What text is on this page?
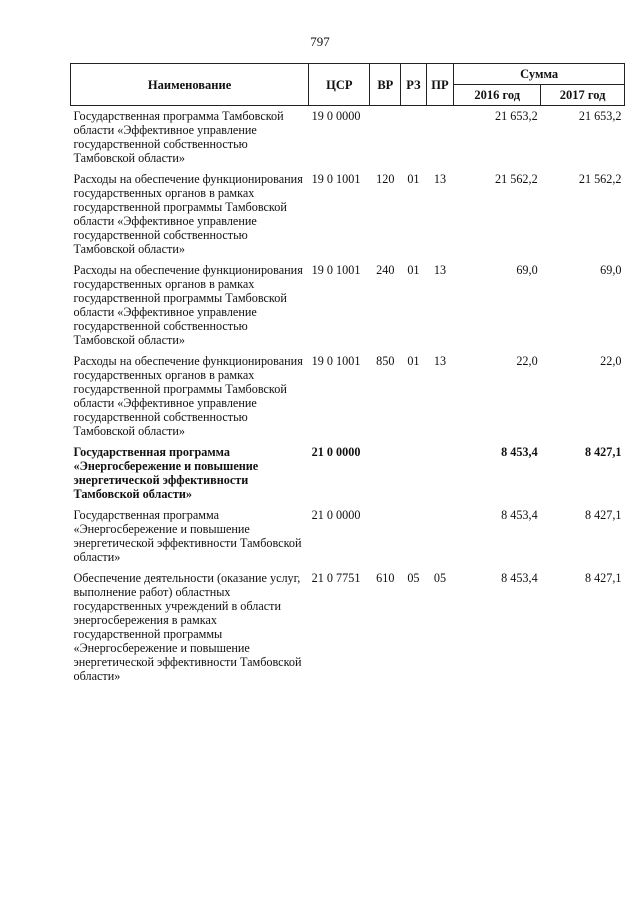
797
Наименование	ЦСР	ВР	РЗ	ПР	Сумма	
					2016 год	2017 год

Государственная программа Тамбовской области «Эффективное управление государственной собственностью Тамбовской области»	19 0 0000				21 653,2	21 653,2

Расходы на обеспечение функционирования государственных органов в рамках государственной программы Тамбовской области «Эффективное управление государственной собственностью Тамбовской области»	19 0 1001	120	01	13	21 562,2	21 562,2

Расходы на обеспечение функционирования государственных органов в рамках государственной программы Тамбовской области «Эффективное управление государственной собственностью Тамбовской области»	19 0 1001	240	01	13	69,0	69,0

Расходы на обеспечение функционирования государственных органов в рамках государственной программы Тамбовской области «Эффективное управление государственной собственностью Тамбовской области»	19 0 1001	850	01	13	22,0	22,0

Государственная программа «Энергосбережение и повышение энергетической эффективности Тамбовской области»	21 0 0000				8 453,4	8 427,1

Государственная программа «Энергосбережение и повышение энергетической эффективности Тамбовской области»	21 0 0000				8 453,4	8 427,1

Обеспечение деятельности (оказание услуг, выполнение работ) областных государственных учреждений в области энергосбережения в рамках государственной программы «Энергосбережение и повышение энергетической эффективности Тамбовской области»	21 0 7751	610	05	05	8 453,4	8 427,1
